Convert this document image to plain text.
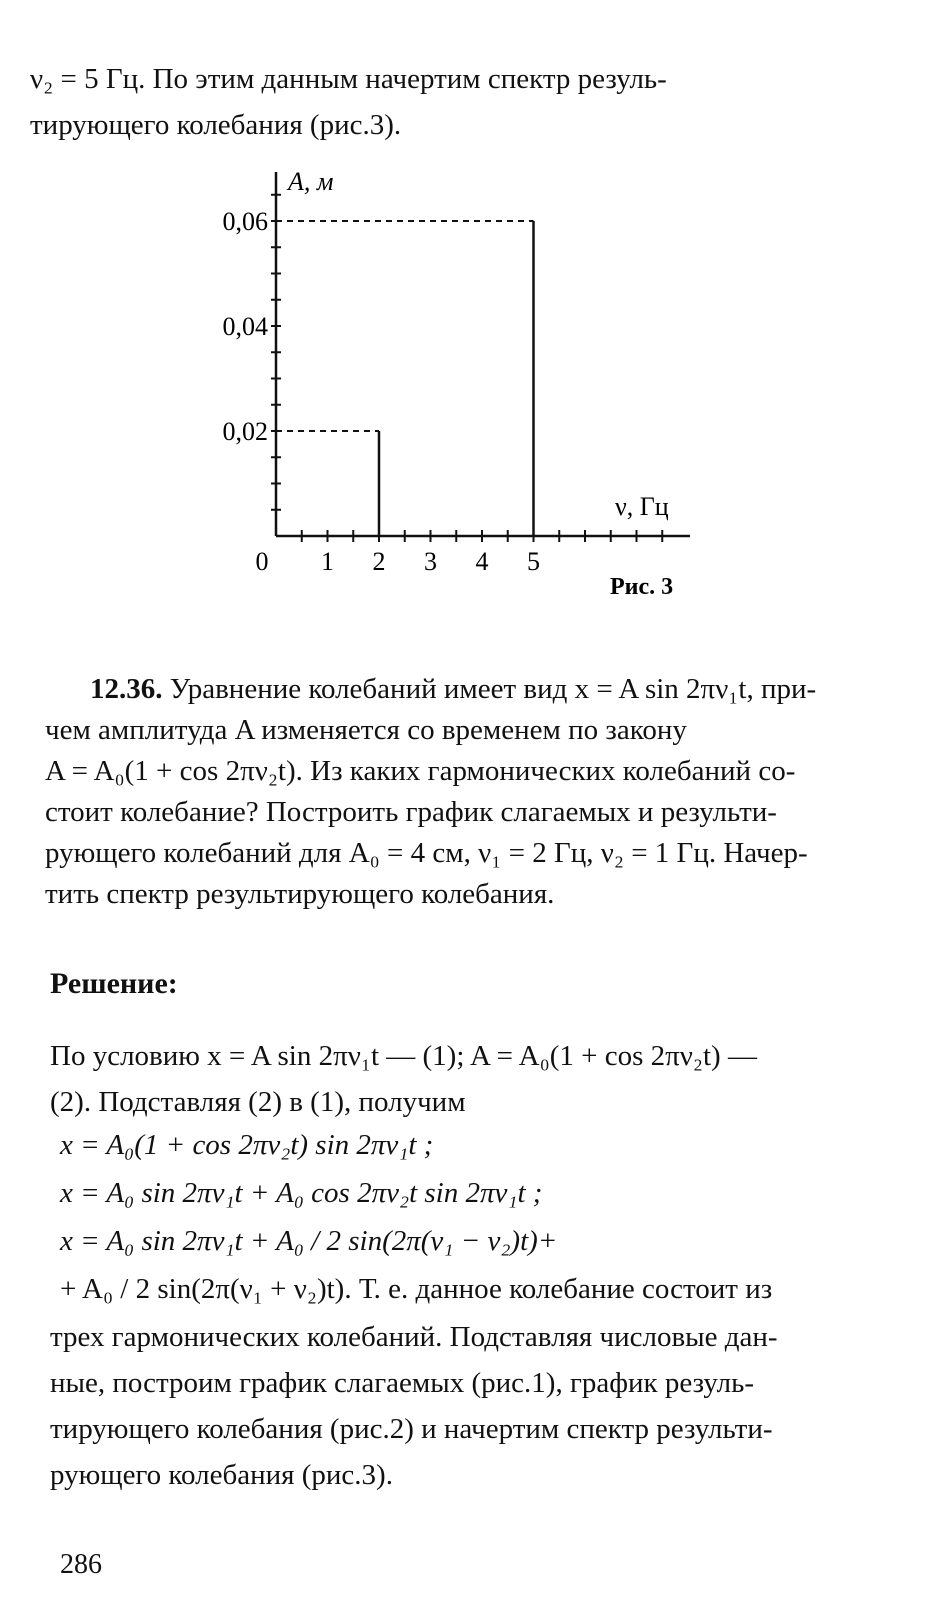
ν₂ = 5 Гц. По этим данным начертим спектр резуль-
тирующего колебания (рис.3).
0,02
0,04
0,06
0 1 2 3 4 5
A, м
ν, Гц
Рис. 3
12.36. Уравнение колебаний имеет вид x = A sin 2πν₁t, при-
чем амплитуда A изменяется со временем по закону
A = A₀(1 + cos 2πν₂t). Из каких гармонических колебаний со-
стоит колебание? Построить график слагаемых и результи-
рующего колебаний для A₀ = 4 см, ν₁ = 2 Гц, ν₂ = 1 Гц. Начер-
тить спектр результирующего колебания.
Решение:
По условию x = A sin 2πν₁t — (1); A = A₀(1 + cos 2πν₂t) —
(2). Подставляя (2) в (1), получим
x = A₀(1 + cos 2πν₂t) sin 2πν₁t ;
x = A₀ sin 2πν₁t + A₀ cos 2πν₂t sin 2πν₁t ;
x = A₀ sin 2πν₁t + A₀ / 2 sin(2π(ν₁ − ν₂)t)+
+ A₀ / 2 sin(2π(ν₁ + ν₂)t). Т. е. данное колебание состоит из
трех гармонических колебаний. Подставляя числовые дан-
ные, построим график слагаемых (рис.1), график резуль-
тирующего колебания (рис.2) и начертим спектр результи-
рующего колебания (рис.3).
286
